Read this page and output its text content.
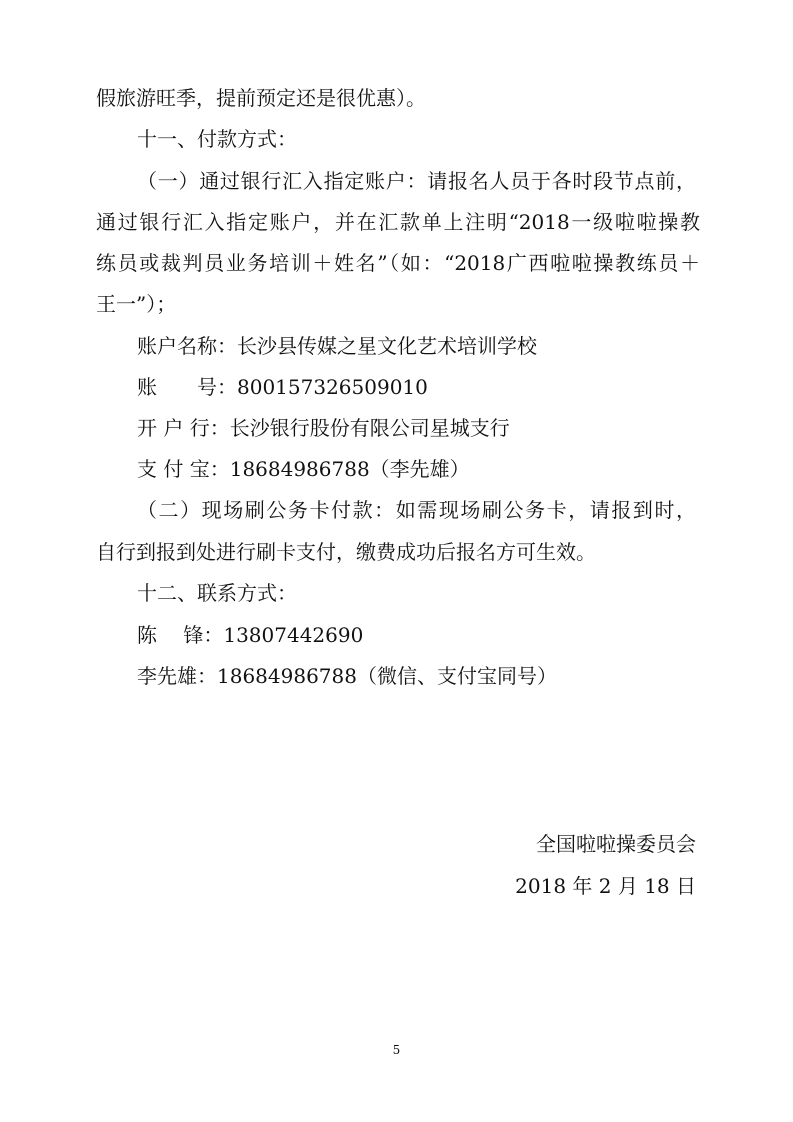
假旅游旺季，提前预定还是很优惠）。
十一、付款方式：
（一）通过银行汇入指定账户：请报名人员于各时段节点前，
通过银行汇入指定账户，并在汇款单上注明“2018一级啦啦操教
练员或裁判员业务培训＋姓名”（如：“2018广西啦啦操教练员＋
王一”）；
账户名称：长沙县传媒之星文化艺术培训学校
账　　号：800157326509010
开 户 行：长沙银行股份有限公司星城支行
支 付 宝：18684986788（李先雄）
（二）现场刷公务卡付款：如需现场刷公务卡，请报到时，
自行到报到处进行刷卡支付，缴费成功后报名方可生效。
十二、联系方式：
陈　 锋：13807442690
李先雄：18684986788（微信、支付宝同号）
全国啦啦操委员会
2018 年 2 月 18 日
5
